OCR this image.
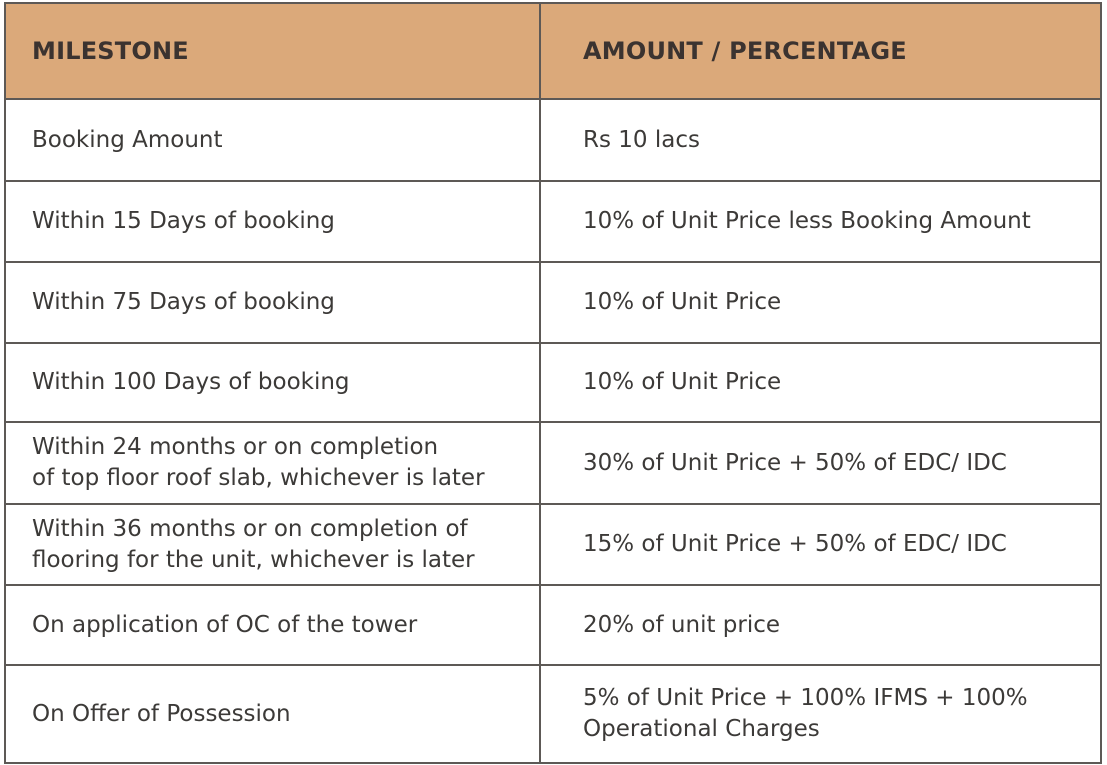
MILESTONE	AMOUNT / PERCENTAGE
Booking Amount	Rs 10 lacs
Within 15 Days of booking	10% of Unit Price less Booking Amount
Within 75 Days of booking	10% of Unit Price
Within 100 Days of booking	10% of Unit Price
Within 24 months or on completion
of top floor roof slab, whichever is later	30% of Unit Price + 50% of EDC/ IDC
Within 36 months or on completion of
flooring for the unit, whichever is later	15% of Unit Price + 50% of EDC/ IDC
On application of OC of the tower	20% of unit price
On Offer of Possession	5% of Unit Price + 100% IFMS + 100%
Operational Charges
